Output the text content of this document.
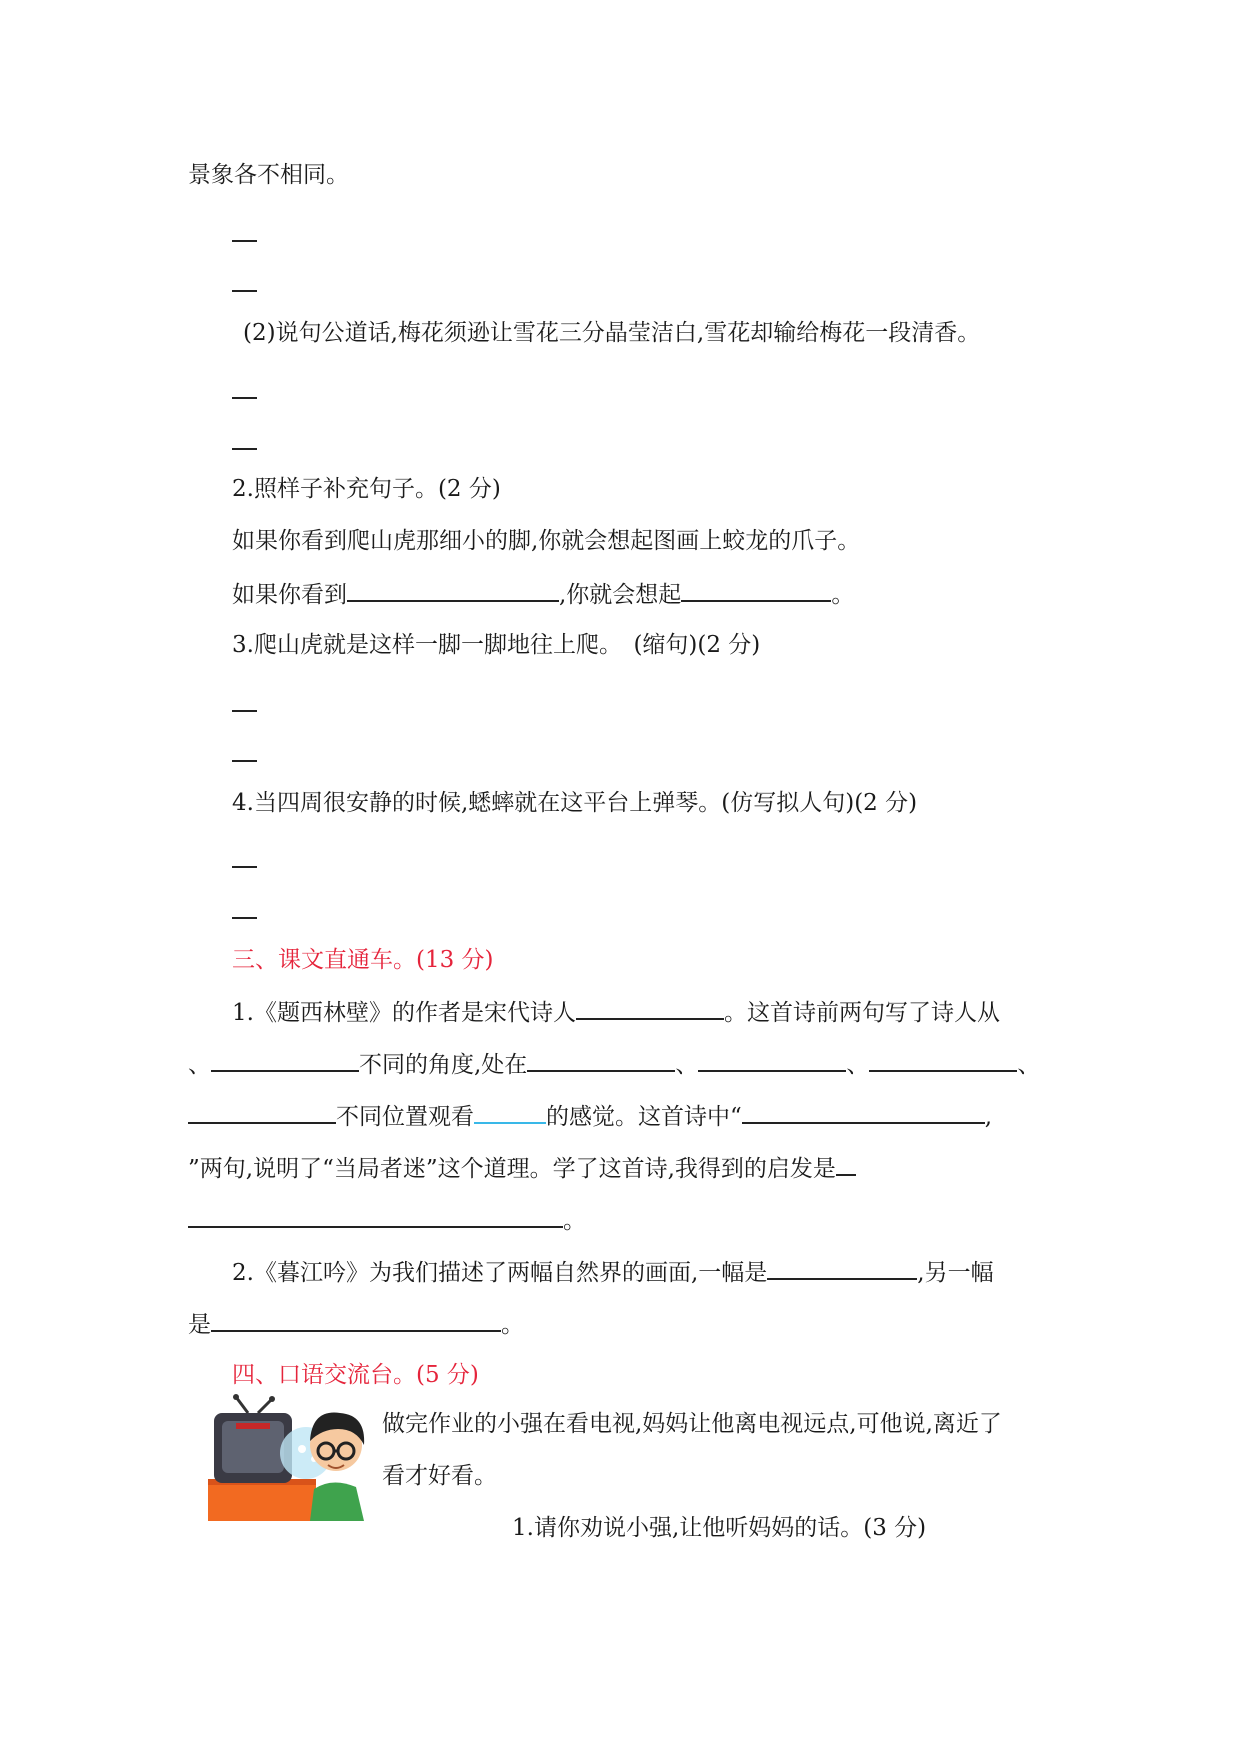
景象各不相同。
(2)说句公道话,梅花须逊让雪花三分晶莹洁白,雪花却输给梅花一段清香。
2.照样子补充句子。(2 分)
如果你看到爬山虎那细小的脚,你就会想起图画上蛟龙的爪子。
如果你看到	,你就会想起	。
3.爬山虎就是这样一脚一脚地往上爬。　(缩句)(2 分)
4.当四周很安静的时候,蟋蟀就在这平台上弹琴。(仿写拟人句)(2 分)
三、课文直通车。(13 分)
1.《题西林壁》的作者是宋代诗人	。这首诗前两句写了诗人从
、	不同的角度,处在	、	、	、
不同位置观看	的感觉。这首诗中“	,
”两句,说明了“当局者迷”这个道理。学了这首诗,我得到的启发是
。
2.《暮江吟》为我们描述了两幅自然界的画面,一幅是	,另一幅
是	。
四、口语交流台。(5 分)
做完作业的小强在看电视,妈妈让他离电视远点,可他说,离近了
看才好看。
1.请你劝说小强,让他听妈妈的话。(3 分)
